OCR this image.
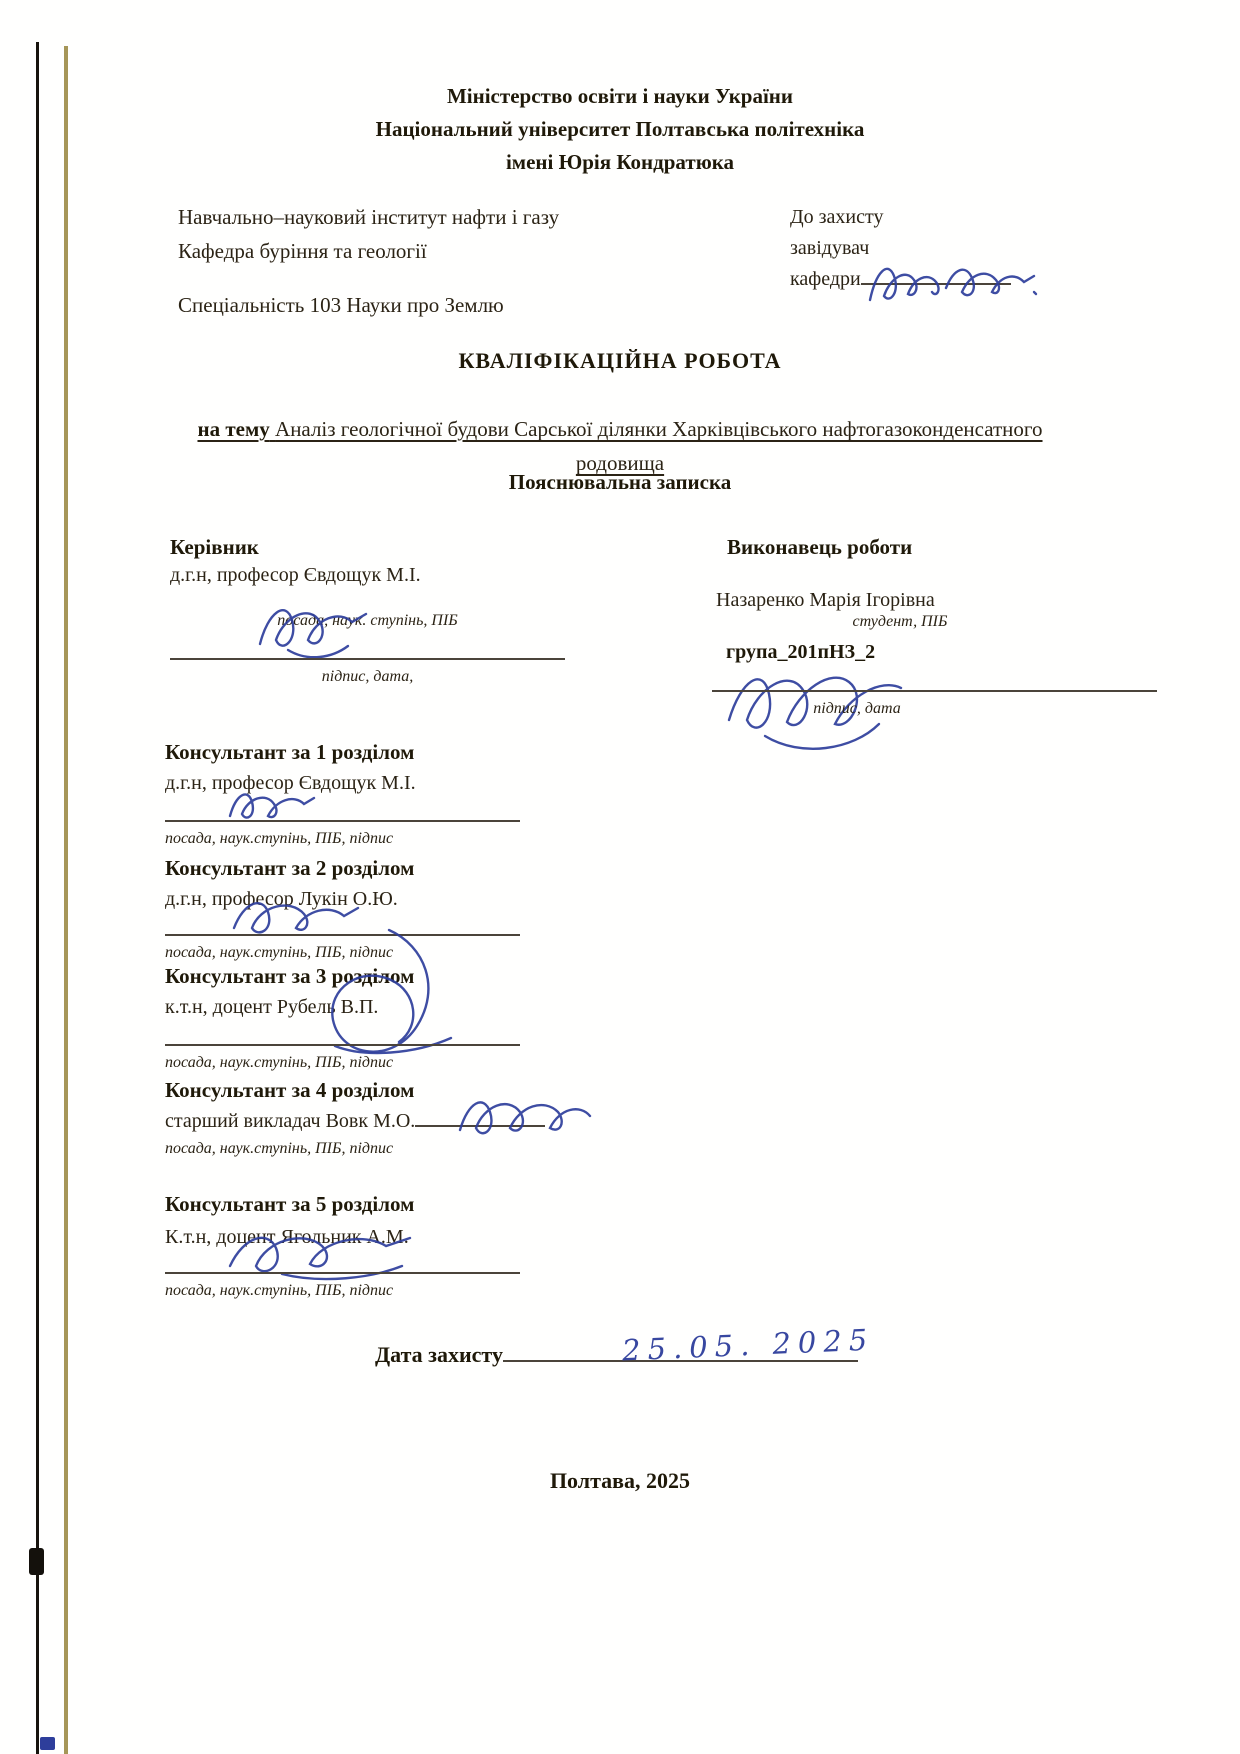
Міністерство освіти і науки України
Національний університет Полтавська політехніка
імені Юрія Кондратюка
Навчально–науковий інститут нафти і газу
Кафедра буріння та геології
Спеціальність 103 Науки про Землю
До захисту
завідувач
кафедри
КВАЛІФІКАЦІЙНА РОБОТА
на тему Аналіз геологічної будови Сарської ділянки Харківцівського нафтогазоконденсатного родовища
Пояснювальна записка
Керівник
д.г.н, професор Євдощук М.І.
посада, наук. ступінь, ПІБ
підпис, дата,
Виконавець роботи
Назаренко Марія Ігорівна
студент, ПІБ
група_201пНЗ_2
підпис, дата
Консультант за 1 розділом
д.г.н, професор Євдощук М.І.
посада, наук.ступінь, ПІБ, підпис
Консультант за 2 розділом
д.г.н, професор Лукін О.Ю.
посада, наук.ступінь, ПІБ, підпис
Консультант за 3 розділом
к.т.н, доцент Рубель В.П.
посада, наук.ступінь, ПІБ, підпис
Консультант за 4 розділом
старший викладач Вовк М.О.
посада, наук.ступінь, ПІБ, підпис
Консультант за 5 розділом
К.т.н, доцент Ягольник А.М.
посада, наук.ступінь, ПІБ, підпис
Дата захисту	25.05. 2025
Полтава, 2025
